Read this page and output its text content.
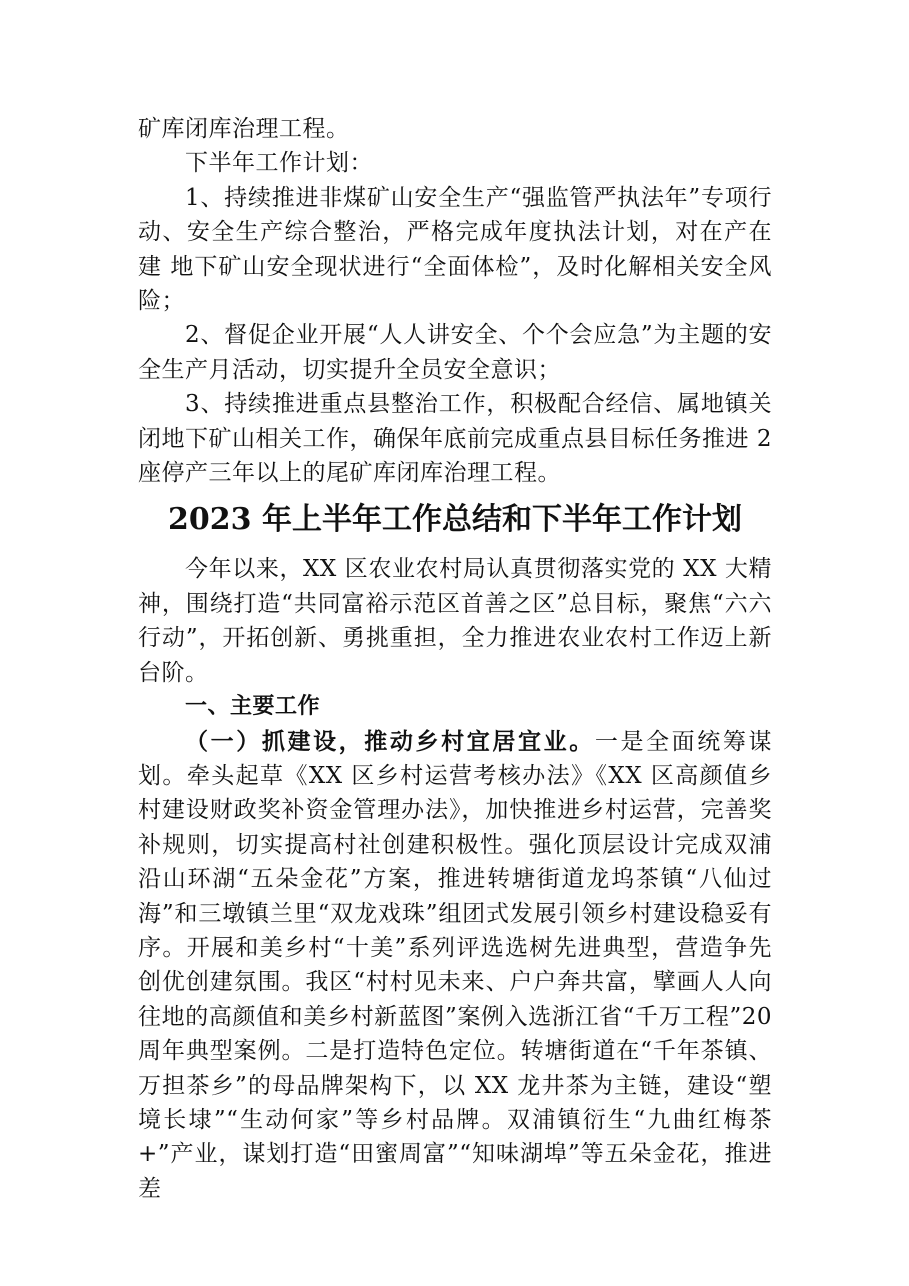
矿库闭库治理工程。

下半年工作计划：

1、持续推进非煤矿山安全生产“强监管严执法年”专项行动、安全生产综合整治，严格完成年度执法计划，对在产在建 地下矿山安全现状进行“全面体检”，及时化解相关安全风险；

2、督促企业开展“人人讲安全、个个会应急”为主题的安全生产月活动，切实提升全员安全意识；

3、持续推进重点县整治工作，积极配合经信、属地镇关闭地下矿山相关工作，确保年底前完成重点县目标任务推进 2 座停产三年以上的尾矿库闭库治理工程。

2023 年上半年工作总结和下半年工作计划

今年以来，XX 区农业农村局认真贯彻落实党的 XX 大精神，围绕打造“共同富裕示范区首善之区”总目标，聚焦“六六行动”，开拓创新、勇挑重担，全力推进农业农村工作迈上新台阶。

一、主要工作

（一）抓建设，推动乡村宜居宜业。一是全面统筹谋划。牵头起草《XX 区乡村运营考核办法》《XX 区高颜值乡村建设财政奖补资金管理办法》，加快推进乡村运营，完善奖补规则，切实提高村社创建积极性。强化顶层设计完成双浦沿山环湖“五朵金花”方案，推进转塘街道龙坞茶镇“八仙过海”和三墩镇兰里“双龙戏珠”组团式发展引领乡村建设稳妥有序。开展和美乡村“十美”系列评选选树先进典型，营造争先创优创建氛围。我区“村村见未来、户户奔共富，擘画人人向往地的高颜值和美乡村新蓝图”案例入选浙江省“千万工程”20 周年典型案例。二是打造特色定位。转塘街道在“千年茶镇、万担茶乡”的母品牌架构下，以 XX 龙井茶为主链，建设“塑境长埭”“生动何家”等乡村品牌。双浦镇衍生“九曲红梅茶+”产业，谋划打造“田蜜周富”“知味湖埠”等五朵金花，推进差
